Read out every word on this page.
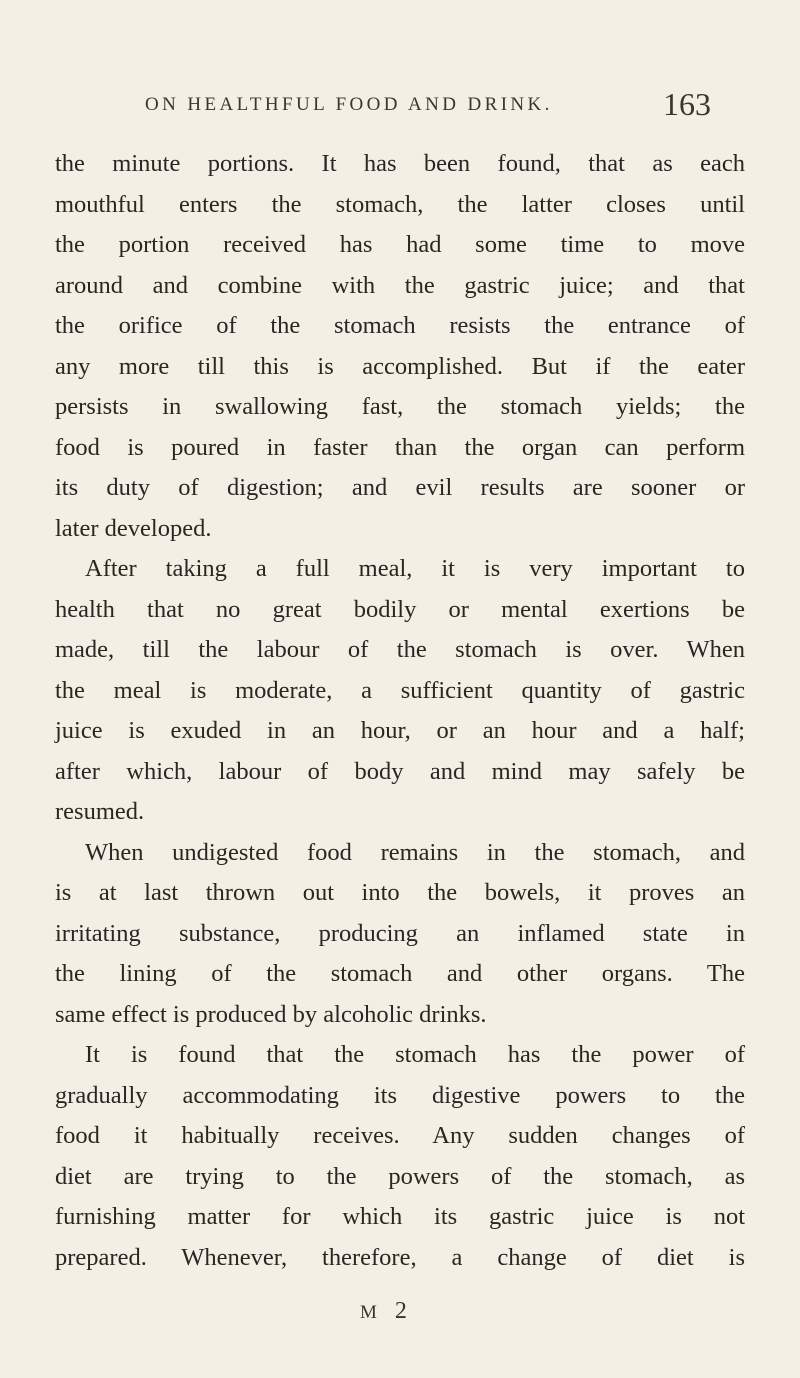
ON HEALTHFUL FOOD AND DRINK.	163
the minute portions. It has been found, that as each
mouthful enters the stomach, the latter closes until
the portion received has had some time to move
around and combine with the gastric juice; and that
the orifice of the stomach resists the entrance of
any more till this is accomplished. But if the eater
persists in swallowing fast, the stomach yields; the
food is poured in faster than the organ can perform
its duty of digestion; and evil results are sooner or
later developed.
After taking a full meal, it is very important to
health that no great bodily or mental exertions be
made, till the labour of the stomach is over. When
the meal is moderate, a sufficient quantity of gastric
juice is exuded in an hour, or an hour and a half;
after which, labour of body and mind may safely be
resumed.
When undigested food remains in the stomach, and
is at last thrown out into the bowels, it proves an
irritating substance, producing an inflamed state in
the lining of the stomach and other organs. The
same effect is produced by alcoholic drinks.
It is found that the stomach has the power of
gradually accommodating its digestive powers to the
food it habitually receives. Any sudden changes of
diet are trying to the powers of the stomach, as
furnishing matter for which its gastric juice is not
prepared. Whenever, therefore, a change of diet is
M 2
